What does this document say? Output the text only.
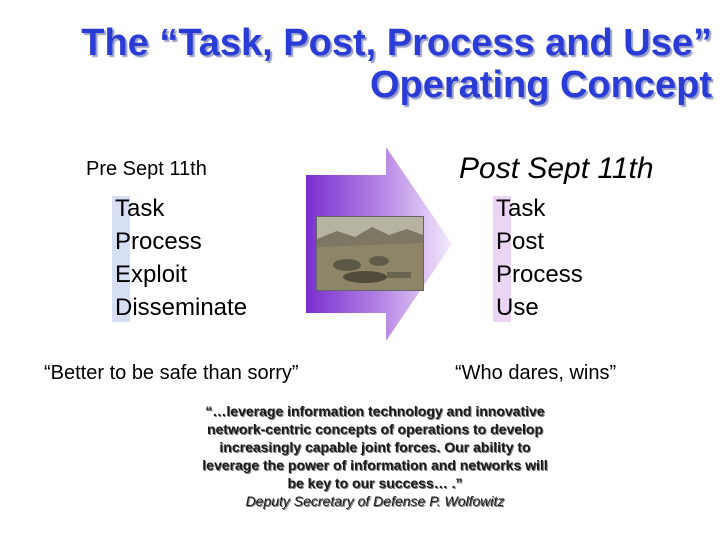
The “Task, Post, Process and Use”
Operating Concept
Pre Sept 11th	Post Sept 11th
Task
Process
Exploit
Disseminate
Task
Post
Process
Use
“Better to be safe than sorry”	“Who dares, wins”
“…leverage information technology and innovative
network-centric concepts of operations to develop
increasingly capable joint forces. Our ability to
leverage the power of information and networks will
be key to our success… .”
Deputy Secretary of Defense P. Wolfowitz
